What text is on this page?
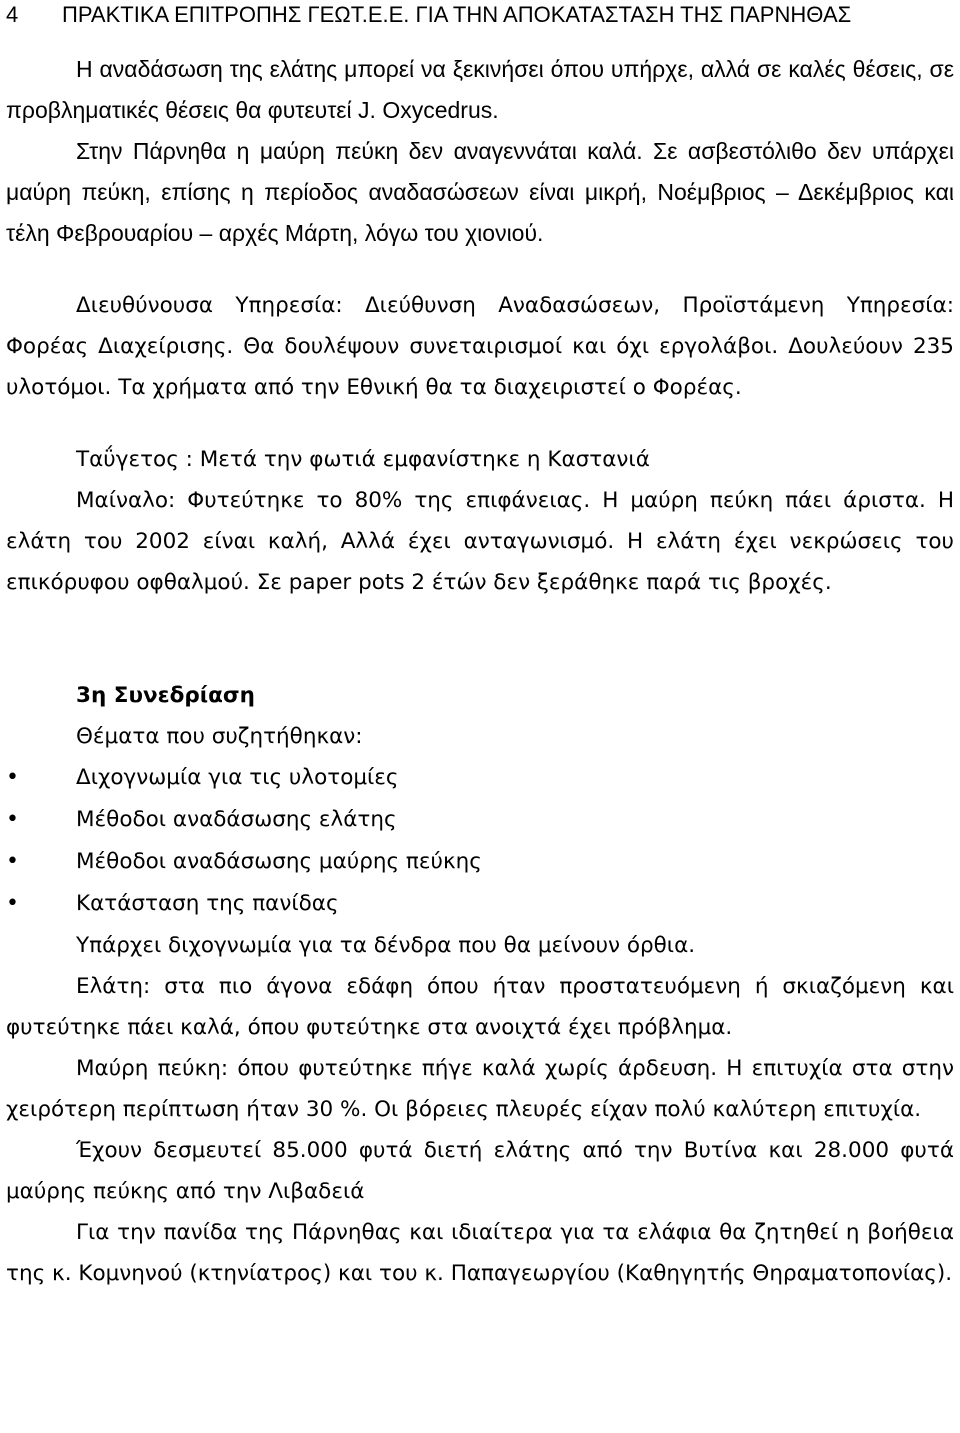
4 ΠΡΑΚΤΙΚΑ ΕΠΙΤΡΟΠΗΣ ΓΕΩΤ.Ε.Ε. ΓΙΑ ΤΗΝ ΑΠΟΚΑΤΑΣΤΑΣΗ ΤΗΣ ΠΑΡΝΗΘΑΣ

Η αναδάσωση της ελάτης μπορεί να ξεκινήσει όπου υπήρχε, αλλά σε καλές θέσεις, σε προβληματικές θέσεις θα φυτευτεί J. Oxycedrus.

Στην Πάρνηθα η μαύρη πεύκη δεν αναγεννάται καλά. Σε ασβεστόλιθο δεν υπάρχει μαύρη πεύκη, επίσης η περίοδος αναδασώσεων είναι μικρή, Νοέμβριος – Δεκέμβριος και τέλη Φεβρουαρίου – αρχές Μάρτη, λόγω του χιονιού.

Διευθύνουσα Υπηρεσία: Διεύθυνση Αναδασώσεων, Προϊστάμενη Υπηρεσία: Φορέας Διαχείρισης. Θα δουλέψουν συνεταιρισμοί και όχι εργολάβοι. Δουλεύουν 235 υλοτόμοι. Τα χρήματα από την Εθνική θα τα διαχειριστεί ο Φορέας.

Ταΰγετος : Μετά την φωτιά εμφανίστηκε η Καστανιά

Μαίναλο: Φυτεύτηκε το 80% της επιφάνειας. Η μαύρη πεύκη πάει άριστα. Η ελάτη του 2002 είναι καλή, Αλλά έχει ανταγωνισμό. Η ελάτη έχει νεκρώσεις του επικόρυφου οφθαλμού. Σε paper pots 2 έτών δεν ξεράθηκε παρά τις βροχές.

3η Συνεδρίαση

Θέματα που συζητήθηκαν:

•	Διχογνωμία για τις υλοτομίες
•	Μέθοδοι αναδάσωσης ελάτης
•	Μέθοδοι αναδάσωσης μαύρης πεύκης
•	Κατάσταση της πανίδας

Υπάρχει διχογνωμία για τα δένδρα που θα μείνουν όρθια.

Ελάτη: στα πιο άγονα εδάφη όπου ήταν προστατευόμενη ή σκιαζόμενη και φυτεύτηκε πάει καλά, όπου φυτεύτηκε στα ανοιχτά έχει πρόβλημα.

Μαύρη πεύκη: όπου φυτεύτηκε πήγε καλά χωρίς άρδευση. Η επιτυχία στα στην χειρότερη περίπτωση ήταν 30 %. Οι βόρειες πλευρές είχαν πολύ καλύτερη επιτυχία.

Έχουν δεσμευτεί 85.000 φυτά διετή ελάτης από την Βυτίνα και 28.000 φυτά μαύρης πεύκης από την Λιβαδειά

Για την πανίδα της Πάρνηθας και ιδιαίτερα για τα ελάφια θα ζητηθεί η βοήθεια της κ. Κομνηνού (κτηνίατρος) και του κ. Παπαγεωργίου (Καθηγητής Θηραματοπονίας).
